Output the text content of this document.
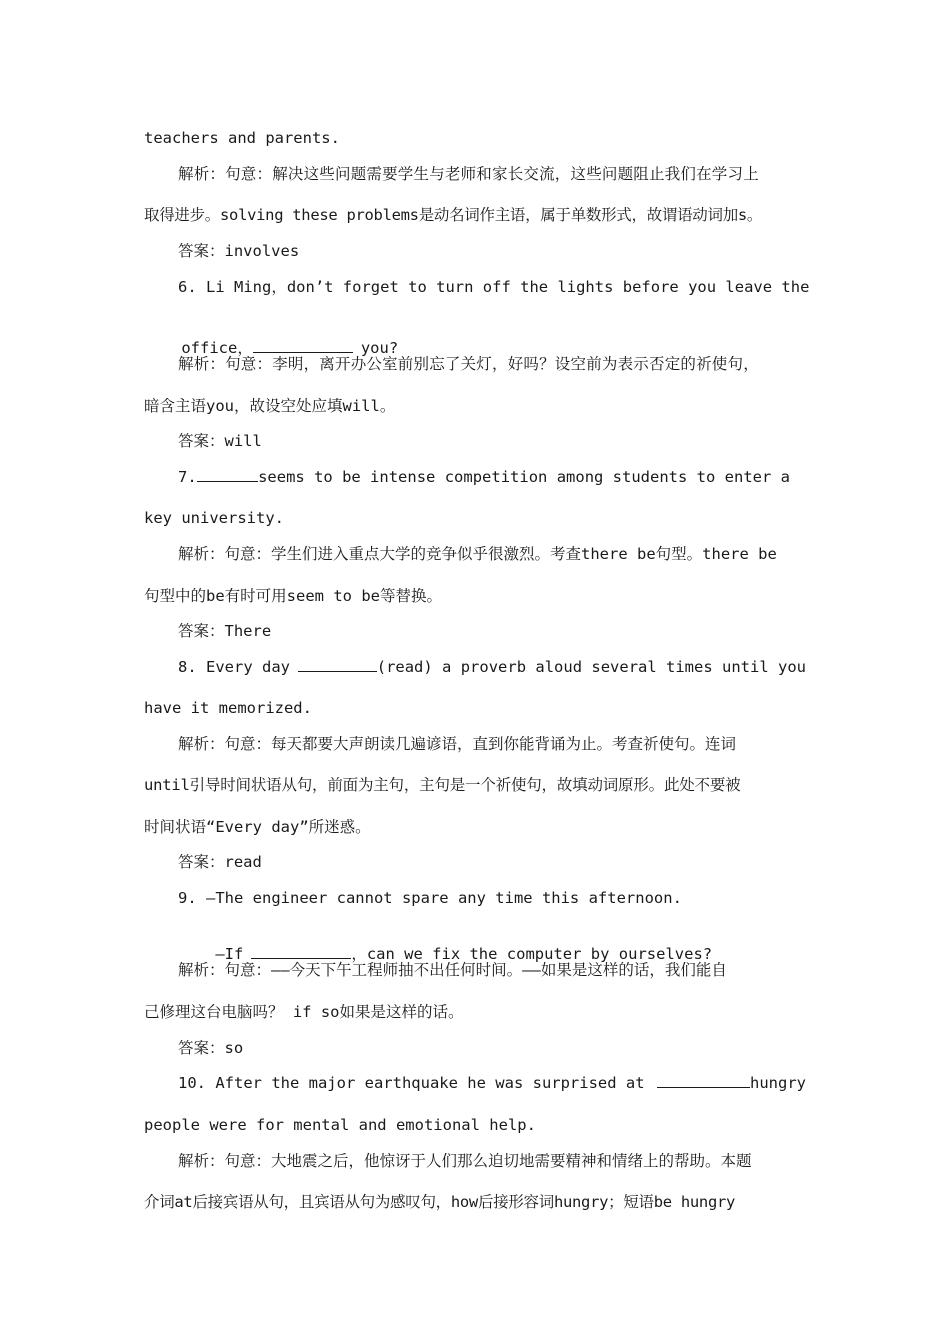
teachers and parents.
解析：句意：解决这些问题需要学生与老师和家长交流，这些问题阻止我们在学习上
取得进步。solving these problems是动名词作主语，属于单数形式，故谓语动词加s。
答案：involves
6. Li Ming，don’t forget to turn off the lights before you leave the

office，	you?

解析：句意：李明，离开办公室前别忘了关灯，好吗？设空前为表示否定的祈使句，
暗含主语you，故设空处应填will。
答案：will
7.	seems to be intense competition among students to enter a
key university.
解析：句意：学生们进入重点大学的竞争似乎很激烈。考查there be句型。there be
句型中的be有时可用seem to be等替换。
答案：There
8. Every day	(read) a proverb aloud several times until you
have it memorized.
解析：句意：每天都要大声朗读几遍谚语，直到你能背诵为止。考查祈使句。连词
until引导时间状语从句，前面为主句，主句是一个祈使句，故填动词原形。此处不要被
时间状语“Every day”所迷惑。
答案：read
9. —The engineer cannot spare any time this afternoon.

—If	，can we fix the computer by ourselves?

解析：句意：——今天下午工程师抽不出任何时间。——如果是这样的话，我们能自
己修理这台电脑吗？ if so如果是这样的话。
答案：so
10. After the major earthquake he was surprised at	hungry
people were for mental and emotional help.
解析：句意：大地震之后，他惊讶于人们那么迫切地需要精神和情绪上的帮助。本题
介词at后接宾语从句，且宾语从句为感叹句，how后接形容词hungry；短语be hungry
